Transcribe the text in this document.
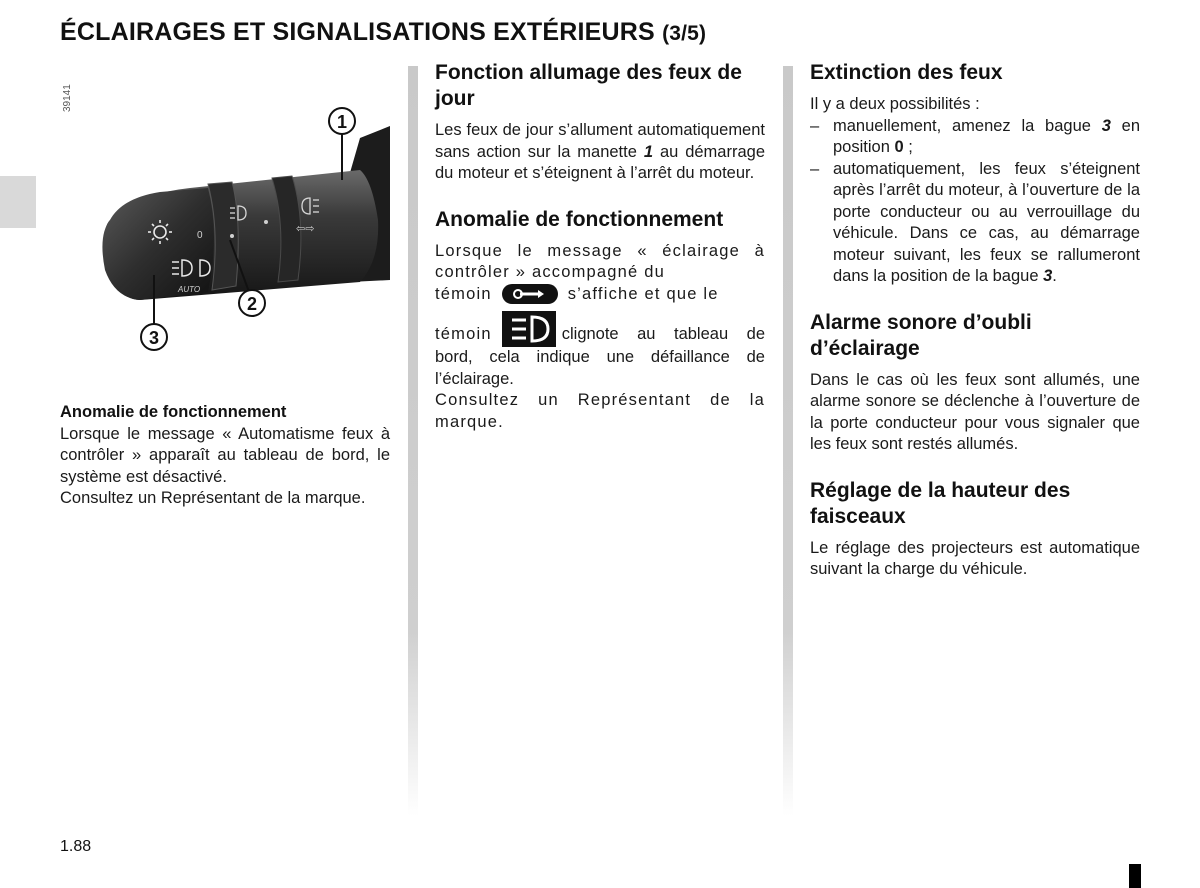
ÉCLAIRAGES ET SIGNALISATIONS EXTÉRIEURS (3/5)
39141
AUTO
0
⇦⇨
1
2
3
Anomalie de fonctionnement

Lorsque le message « Automatisme feux à contrôler » apparaît au tableau de bord, le système est désactivé.

Consultez un Représentant de la marque.

Fonction allumage des feux de jour

Les feux de jour s’allument automatiquement sans action sur la manette 1 au démarrage du moteur et s’éteignent à l’arrêt du moteur.

Anomalie de fonctionnement

Lorsque le message « éclairage à contrôler » accompagné du

témoin	s’affiche et que le

témoin	clignote au tableau de bord, cela indique une défaillance de l’éclairage.

Consultez un Représentant de la marque.

Extinction des feux

Il y a deux possibilités :

– manuellement, amenez la bague 3 en position 0 ;
– automatiquement, les feux s’éteignent après l’arrêt du moteur, à l’ouverture de la porte conducteur ou au verrouillage du véhicule. Dans ce cas, au démarrage moteur suivant, les feux se rallumeront dans la position de la bague 3.
Alarme sonore d’oubli d’éclairage

Dans le cas où les feux sont allumés, une alarme sonore se déclenche à l’ouverture de la porte conducteur pour vous signaler que les feux sont restés allumés.

Réglage de la hauteur des faisceaux

Le réglage des projecteurs est automatique suivant la charge du véhicule.

1.88
